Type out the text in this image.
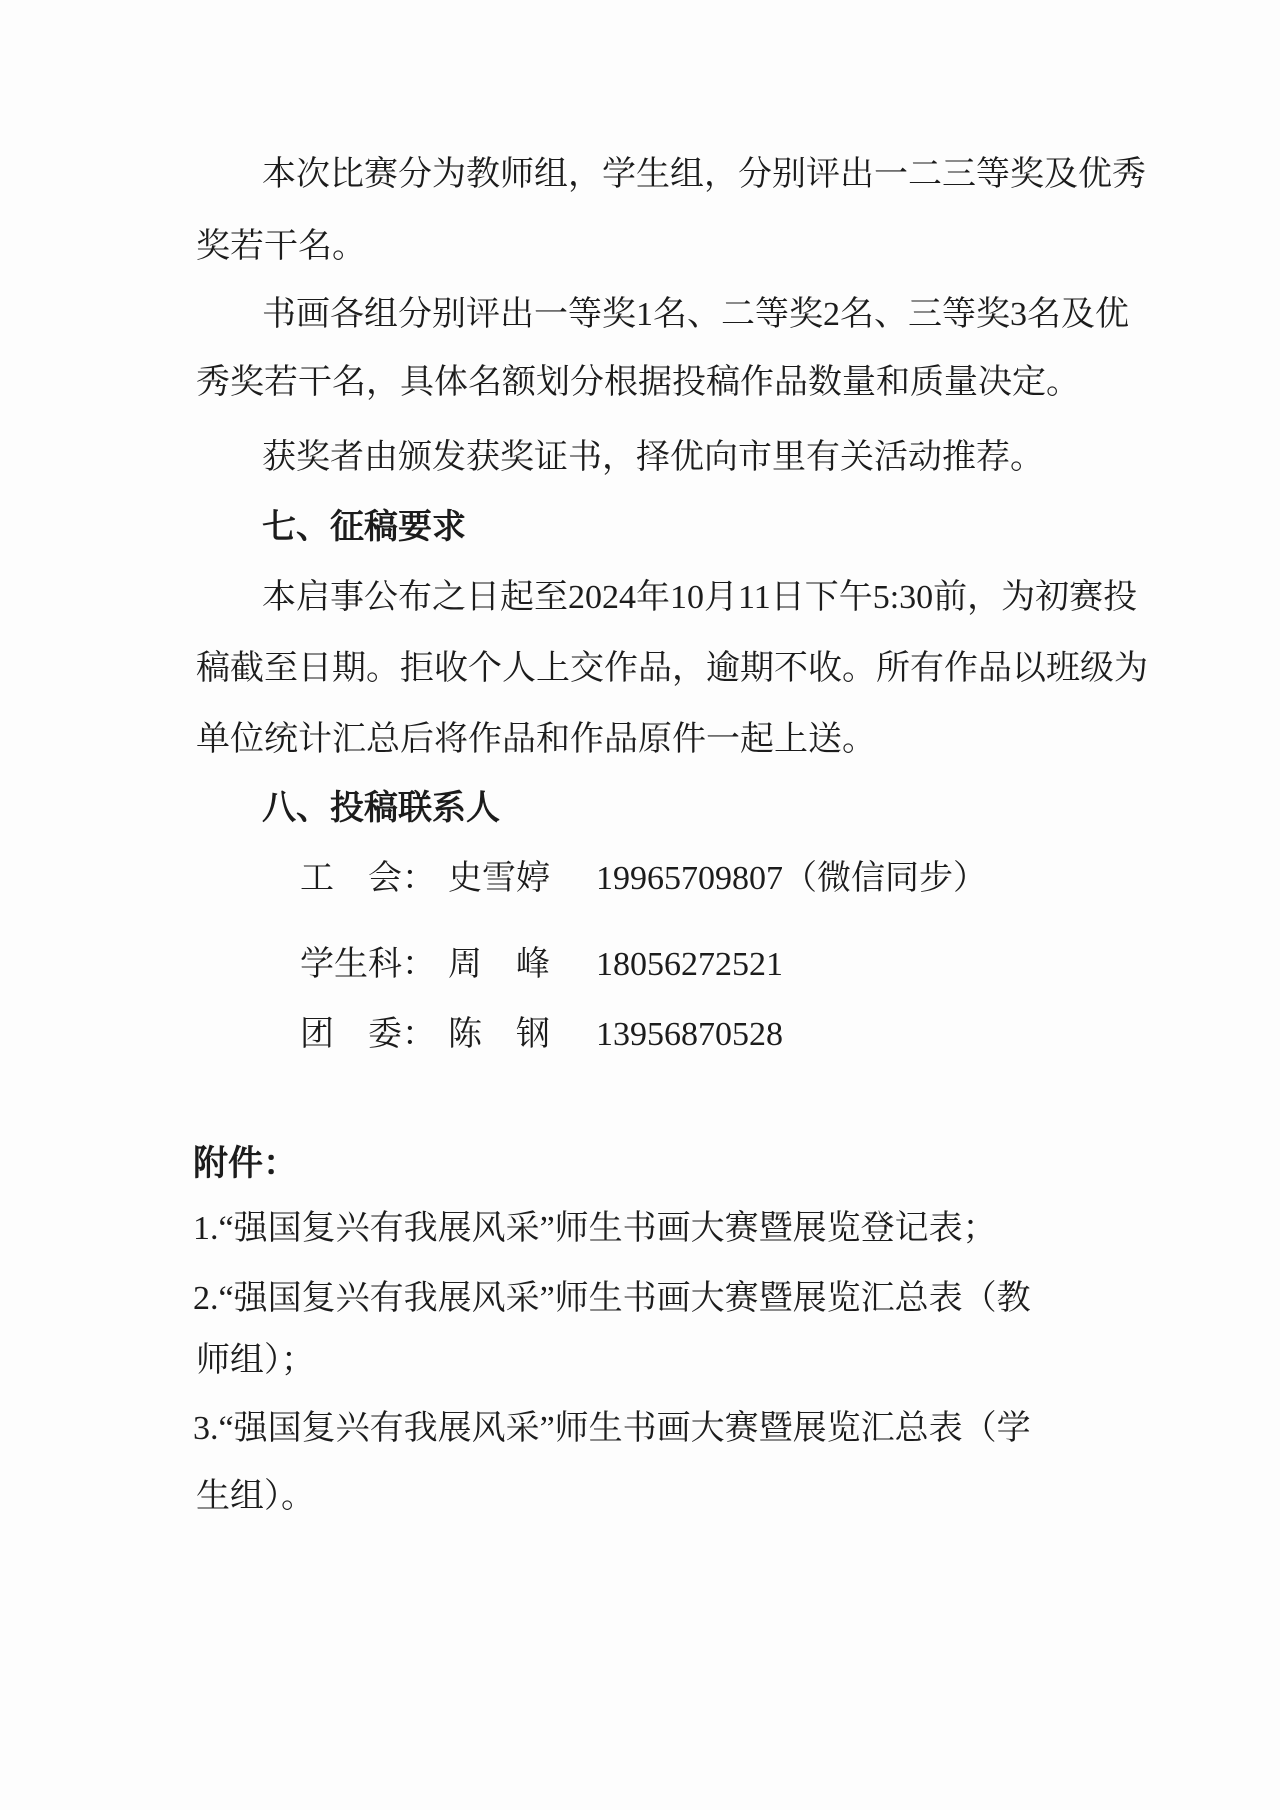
本次比赛分为教师组，学生组，分别评出一二三等奖及优秀
奖若干名。
书画各组分别评出一等奖1名、二等奖2名、三等奖3名及优
秀奖若干名，具体名额划分根据投稿作品数量和质量决定。
获奖者由颁发获奖证书，择优向市里有关活动推荐。
七、征稿要求
本启事公布之日起至2024年10月11日下午5:30前，为初赛投
稿截至日期。拒收个人上交作品，逾期不收。所有作品以班级为
单位统计汇总后将作品和作品原件一起上送。
八、投稿联系人
工　会： 史雪婷	19965709807（微信同步）
学生科： 周　峰	18056272521
团　委： 陈　钢	13956870528
附件：
1.“强国复兴有我展风采”师生书画大赛暨展览登记表；
2.“强国复兴有我展风采”师生书画大赛暨展览汇总表（教
师组）；
3.“强国复兴有我展风采”师生书画大赛暨展览汇总表（学
生组）。
